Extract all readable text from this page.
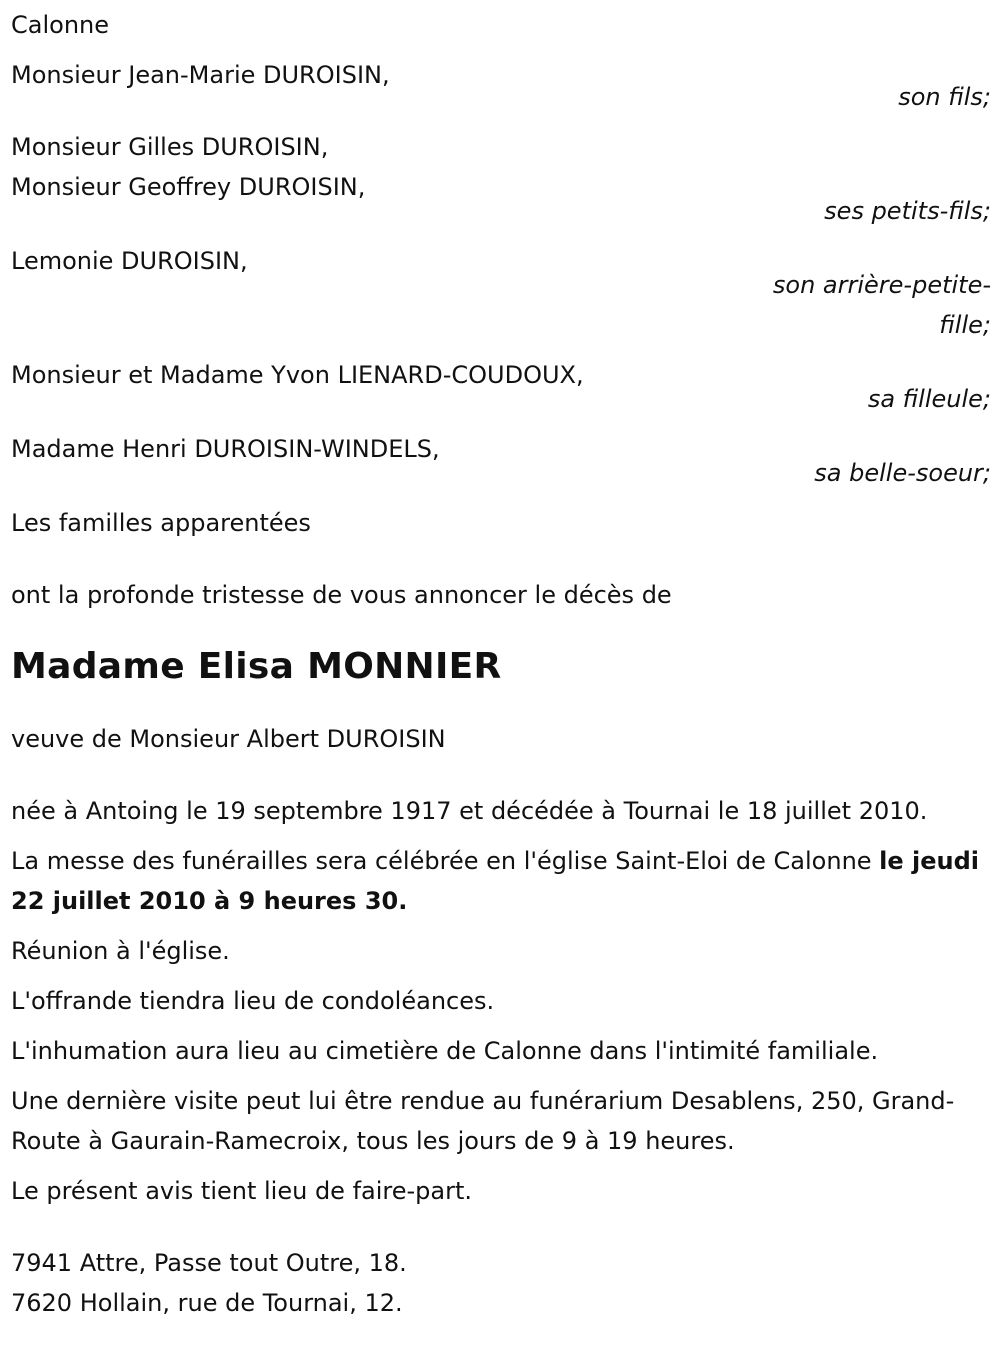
Calonne
Monsieur Jean-Marie DUROISIN,
son fils;
Monsieur Gilles DUROISIN,
Monsieur Geoffrey DUROISIN,
ses petits-fils;
Lemonie DUROISIN,
son arrière-petite-
fille;
Monsieur et Madame Yvon LIENARD-COUDOUX,
sa filleule;
Madame Henri DUROISIN-WINDELS,
sa belle-soeur;
Les familles apparentées
ont la profonde tristesse de vous annoncer le décès de
Madame Elisa MONNIER
veuve de Monsieur Albert DUROISIN
née à Antoing le 19 septembre 1917 et décédée à Tournai le 18 juillet 2010.
La messe des funérailles sera célébrée en l'église Saint-Eloi de Calonne le jeudi 22 juillet 2010 à 9 heures 30.
Réunion à l'église.
L'offrande tiendra lieu de condoléances.
L'inhumation aura lieu au cimetière de Calonne dans l'intimité familiale.
Une dernière visite peut lui être rendue au funérarium Desablens, 250, Grand-Route à Gaurain-Ramecroix, tous les jours de 9 à 19 heures.
Le présent avis tient lieu de faire-part.
7941 Attre, Passe tout Outre, 18.
7620 Hollain, rue de Tournai, 12.
